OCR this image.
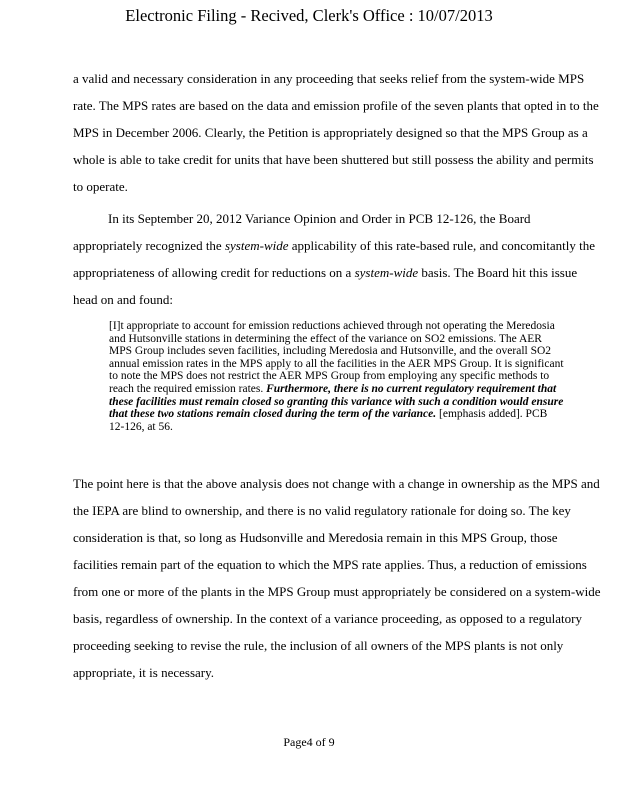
Electronic Filing - Recived, Clerk's Office : 10/07/2013

a valid and necessary consideration in any proceeding that seeks relief from the system-wide MPS rate. The MPS rates are based on the data and emission profile of the seven plants that opted in to the MPS in December 2006. Clearly, the Petition is appropriately designed so that the MPS Group as a whole is able to take credit for units that have been shuttered but still possess the ability and permits to operate.

In its September 20, 2012 Variance Opinion and Order in PCB 12-126, the Board appropriately recognized the system-wide applicability of this rate-based rule, and concomitantly the appropriateness of allowing credit for reductions on a system-wide basis. The Board hit this issue head on and found:

[I]t appropriate to account for emission reductions achieved through not operating the Meredosia and Hutsonville stations in determining the effect of the variance on SO2 emissions. The AER MPS Group includes seven facilities, including Meredosia and Hutsonville, and the overall SO2 annual emission rates in the MPS apply to all the facilities in the AER MPS Group. It is significant to note the MPS does not restrict the AER MPS Group from employing any specific methods to reach the required emission rates. Furthermore, there is no current regulatory requirement that these facilities must remain closed so granting this variance with such a condition would ensure that these two stations remain closed during the term of the variance. [emphasis added]. PCB 12-126, at 56.

The point here is that the above analysis does not change with a change in ownership as the MPS and the IEPA are blind to ownership, and there is no valid regulatory rationale for doing so. The key consideration is that, so long as Hudsonville and Meredosia remain in this MPS Group, those facilities remain part of the equation to which the MPS rate applies. Thus, a reduction of emissions from one or more of the plants in the MPS Group must appropriately be considered on a system-wide basis, regardless of ownership. In the context of a variance proceeding, as opposed to a regulatory proceeding seeking to revise the rule, the inclusion of all owners of the MPS plants is not only appropriate, it is necessary.

Page4 of 9
